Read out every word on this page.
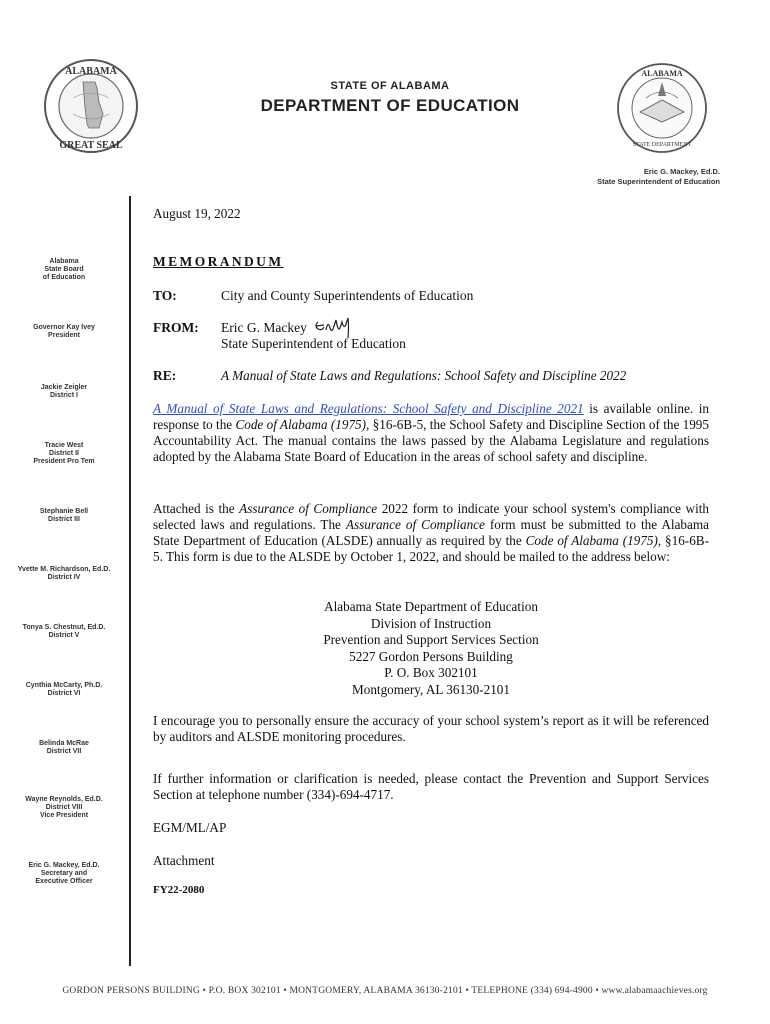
ALABAMA
GREAT SEAL
STATE OF ALABAMA
DEPARTMENT OF EDUCATION
ALABAMA
STATE DEPARTMENT
Eric G. Mackey, Ed.D.
State Superintendent of Education
Alabama
State Board
of Education
Governor Kay Ivey
President
Jackie Zeigler
District I
Tracie West
District II
President Pro Tem
Stephanie Bell
District III
Yvette M. Richardson, Ed.D.
District IV
Tonya S. Chestnut, Ed.D.
District V
Cynthia McCarty, Ph.D.
District VI
Belinda McRae
District VII
Wayne Reynolds, Ed.D.
District VIII
Vice President
Eric G. Mackey, Ed.D.
Secretary and
Executive Officer
August 19, 2022
MEMORANDUM
TO:	City and County Superintendents of Education
FROM: Eric G. Mackey
State Superintendent of Education
RE:	A Manual of State Laws and Regulations: School Safety and Discipline 2022
A Manual of State Laws and Regulations: School Safety and Discipline 2021 is available online. in response to the Code of Alabama (1975), §16-6B-5, the School Safety and Discipline Section of the 1995 Accountability Act. The manual contains the laws passed by the Alabama Legislature and regulations adopted by the Alabama State Board of Education in the areas of school safety and discipline.
Attached is the Assurance of Compliance 2022 form to indicate your school system's compliance with selected laws and regulations. The Assurance of Compliance form must be submitted to the Alabama State Department of Education (ALSDE) annually as required by the Code of Alabama (1975), §16-6B-5. This form is due to the ALSDE by October 1, 2022, and should be mailed to the address below:
Alabama State Department of Education
Division of Instruction
Prevention and Support Services Section
5227 Gordon Persons Building
P. O. Box 302101
Montgomery, AL 36130-2101
I encourage you to personally ensure the accuracy of your school system’s report as it will be referenced by auditors and ALSDE monitoring procedures.
If further information or clarification is needed, please contact the Prevention and Support Services Section at telephone number (334)-694-4717.
EGM/ML/AP
Attachment
FY22-2080
GORDON PERSONS BUILDING • P.O. BOX 302101 • MONTGOMERY, ALABAMA 36130-2101 • TELEPHONE (334) 694-4900 • www.alabamaachieves.org
